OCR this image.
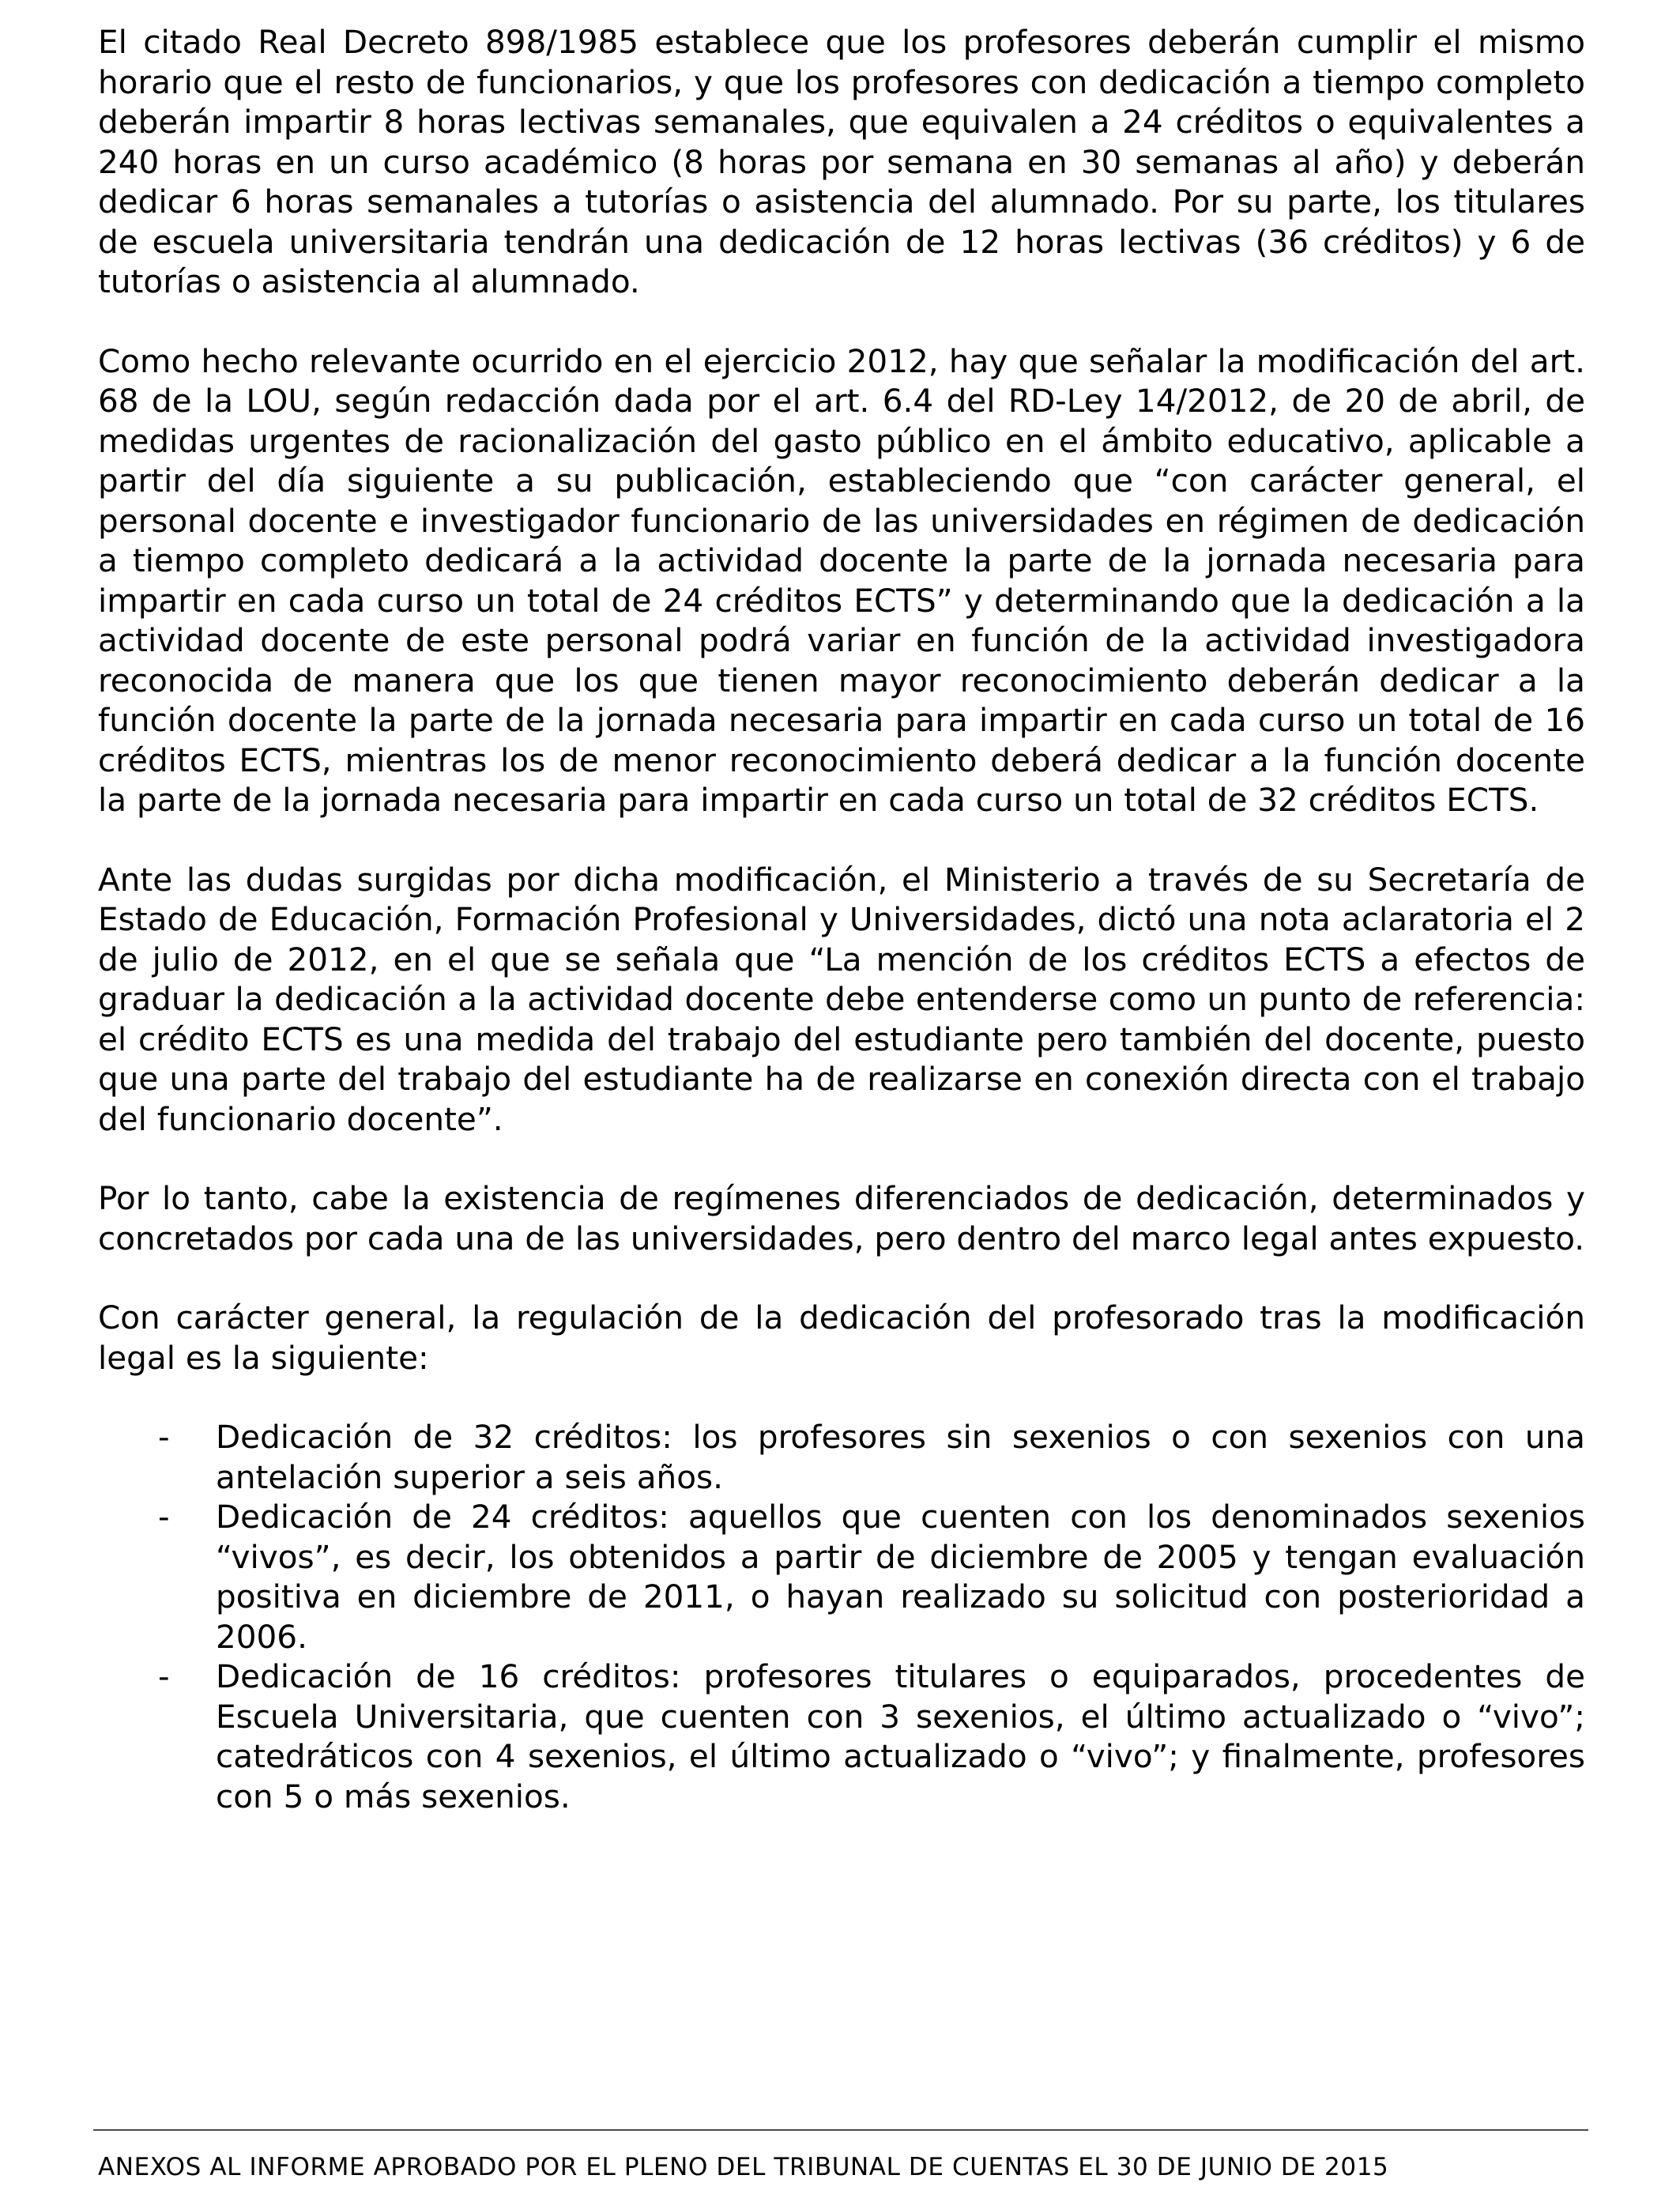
El citado Real Decreto 898/1985 establece que los profesores deberán cumplir el mismo horario que el resto de funcionarios, y que los profesores con dedicación a tiempo completo deberán impartir 8 horas lectivas semanales, que equivalen a 24 créditos o equivalentes a 240 horas en un curso académico (8 horas por semana en 30 semanas al año) y deberán dedicar 6 horas semanales a tutorías o asistencia del alumnado. Por su parte, los titulares de escuela universitaria tendrán una dedicación de 12 horas lectivas (36 créditos) y 6 de tutorías o asistencia al alumnado.

Como hecho relevante ocurrido en el ejercicio 2012, hay que señalar la modificación del art. 68 de la LOU, según redacción dada por el art. 6.4 del RD-Ley 14/2012, de 20 de abril, de medidas urgentes de racionalización del gasto público en el ámbito educativo, aplicable a partir del día siguiente a su publicación, estableciendo que “con carácter general, el personal docente e investigador funcionario de las universidades en régimen de dedicación a tiempo completo dedicará a la actividad docente la parte de la jornada necesaria para impartir en cada curso un total de 24 créditos ECTS” y determinando que la dedicación a la actividad docente de este personal podrá variar en función de la actividad investigadora reconocida de manera que los que tienen mayor reconocimiento deberán dedicar a la función docente la parte de la jornada necesaria para impartir en cada curso un total de 16 créditos ECTS, mientras los de menor reconocimiento deberá dedicar a la función docente la parte de la jornada necesaria para impartir en cada curso un total de 32 créditos ECTS.

Ante las dudas surgidas por dicha modificación, el Ministerio a través de su Secretaría de Estado de Educación, Formación Profesional y Universidades, dictó una nota aclaratoria el 2 de julio de 2012, en el que se señala que “La mención de los créditos ECTS a efectos de graduar la dedicación a la actividad docente debe entenderse como un punto de referencia: el crédito ECTS es una medida del trabajo del estudiante pero también del docente, puesto que una parte del trabajo del estudiante ha de realizarse en conexión directa con el trabajo del funcionario docente”.

Por lo tanto, cabe la existencia de regímenes diferenciados de dedicación, determinados y concretados por cada una de las universidades, pero dentro del marco legal antes expuesto.

Con carácter general, la regulación de la dedicación del profesorado tras la modificación legal es la siguiente:

- Dedicación de 32 créditos: los profesores sin sexenios o con sexenios con una antelación superior a seis años.
- Dedicación de 24 créditos: aquellos que cuenten con los denominados sexenios “vivos”, es decir, los obtenidos a partir de diciembre de 2005 y tengan evaluación positiva en diciembre de 2011, o hayan realizado su solicitud con posterioridad a 2006.
- Dedicación de 16 créditos: profesores titulares o equiparados, procedentes de Escuela Universitaria, que cuenten con 3 sexenios, el último actualizado o “vivo”; catedráticos con 4 sexenios, el último actualizado o “vivo”; y finalmente, profesores con 5 o más sexenios.
ANEXOS AL INFORME APROBADO POR EL PLENO DEL TRIBUNAL DE CUENTAS EL 30 DE JUNIO DE 2015
